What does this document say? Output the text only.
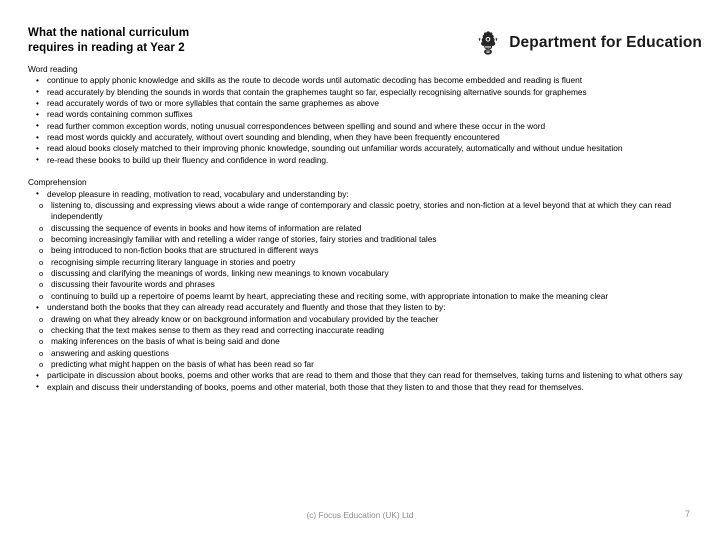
What the national curriculum
requires in reading at Year 2	Department for Education
Word reading
• continue to apply phonic knowledge and skills as the route to decode words until automatic decoding has become embedded and reading is fluent
• read accurately by blending the sounds in words that contain the graphemes taught so far, especially recognising alternative sounds for graphemes
• read accurately words of two or more syllables that contain the same graphemes as above
• read words containing common suffixes
• read further common exception words, noting unusual correspondences between spelling and sound and where these occur in the word
• read most words quickly and accurately, without overt sounding and blending, when they have been frequently encountered
• read aloud books closely matched to their improving phonic knowledge, sounding out unfamiliar words accurately, automatically and without undue hesitation
• re-read these books to build up their fluency and confidence in word reading.
Comprehension
• develop pleasure in reading, motivation to read, vocabulary and understanding by:
o listening to, discussing and expressing views about a wide range of contemporary and classic poetry, stories and non-fiction at a level beyond that at which they can read independently
o discussing the sequence of events in books and how items of information are related
o becoming increasingly familiar with and retelling a wider range of stories, fairy stories and traditional tales
o being introduced to non-fiction books that are structured in different ways
o recognising simple recurring literary language in stories and poetry
o discussing and clarifying the meanings of words, linking new meanings to known vocabulary
o discussing their favourite words and phrases
o continuing to build up a repertoire of poems learnt by heart, appreciating these and reciting some, with appropriate intonation to make the meaning clear
• understand both the books that they can already read accurately and fluently and those that they listen to by:
o drawing on what they already know or on background information and vocabulary provided by the teacher
o checking that the text makes sense to them as they read and correcting inaccurate reading
o making inferences on the basis of what is being said and done
o answering and asking questions
o predicting what might happen on the basis of what has been read so far
• participate in discussion about books, poems and other works that are read to them and those that they can read for themselves, taking turns and listening to what others say
• explain and discuss their understanding of books, poems and other material, both those that they listen to and those that they read for themselves.
(c) Focus Education (UK) Ltd	7
